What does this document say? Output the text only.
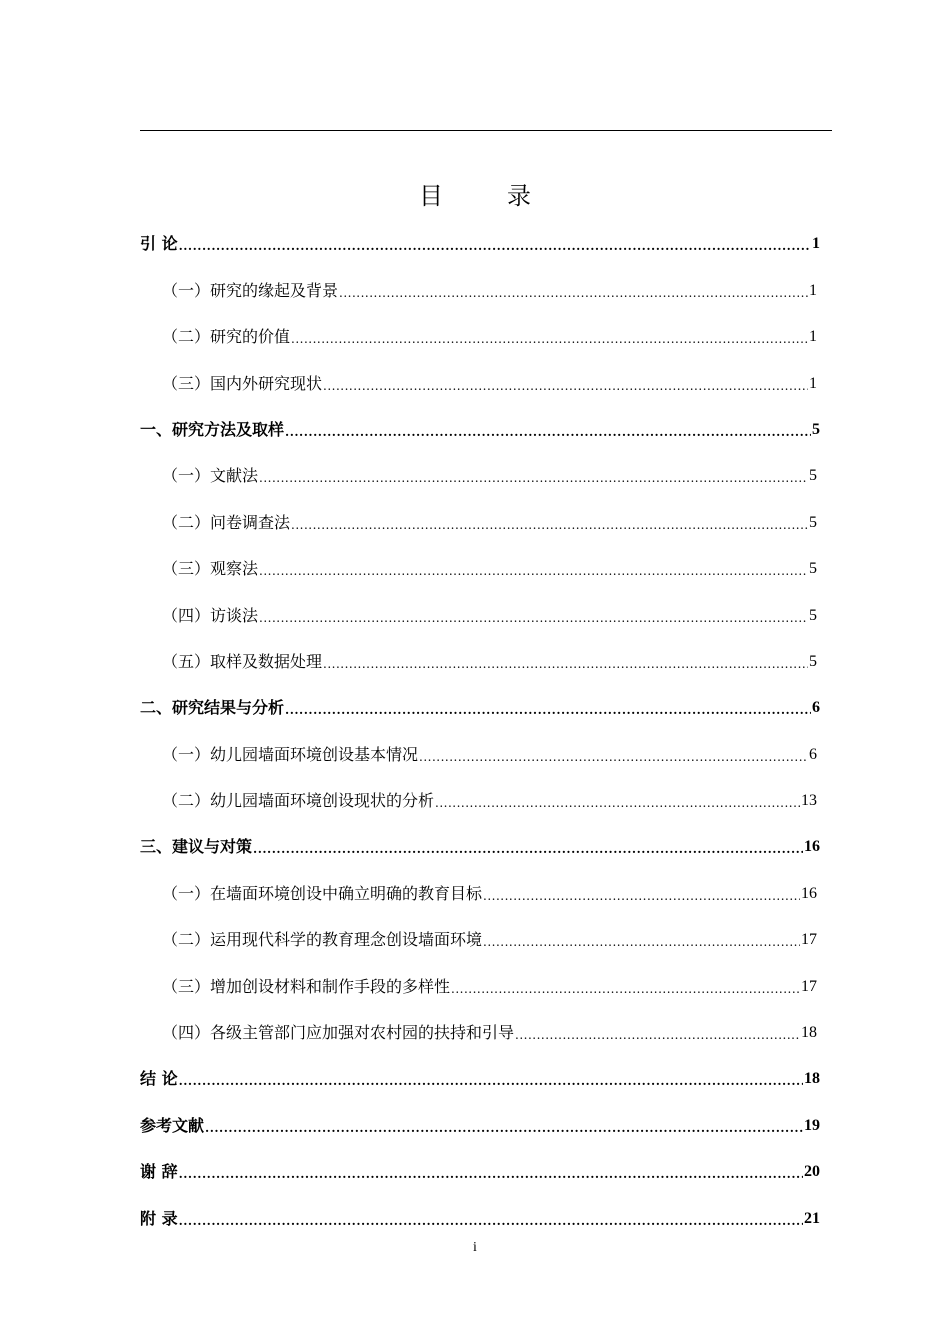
目　录
引 论 .....	1
（一）研究的缘起及背景 .....	1
（二）研究的价值 .....	1
（三）国内外研究现状 .....	1
一、研究方法及取样 .....	5
（一）文献法 .....	5
（二）问卷调查法 .....	5
（三）观察法 .....	5
（四）访谈法 .....	5
（五）取样及数据处理 .....	5
二、研究结果与分析 .....	6
（一）幼儿园墙面环境创设基本情况 .....	6
（二）幼儿园墙面环境创设现状的分析 .....	13
三、建议与对策 .....	16
（一）在墙面环境创设中确立明确的教育目标 .....	16
（二）运用现代科学的教育理念创设墙面环境 .....	17
（三）增加创设材料和制作手段的多样性 .....	17
（四）各级主管部门应加强对农村园的扶持和引导 .....	18
结 论 .....	18
参考文献 .....	19
谢 辞 .....	20
附 录 .....	21
i
